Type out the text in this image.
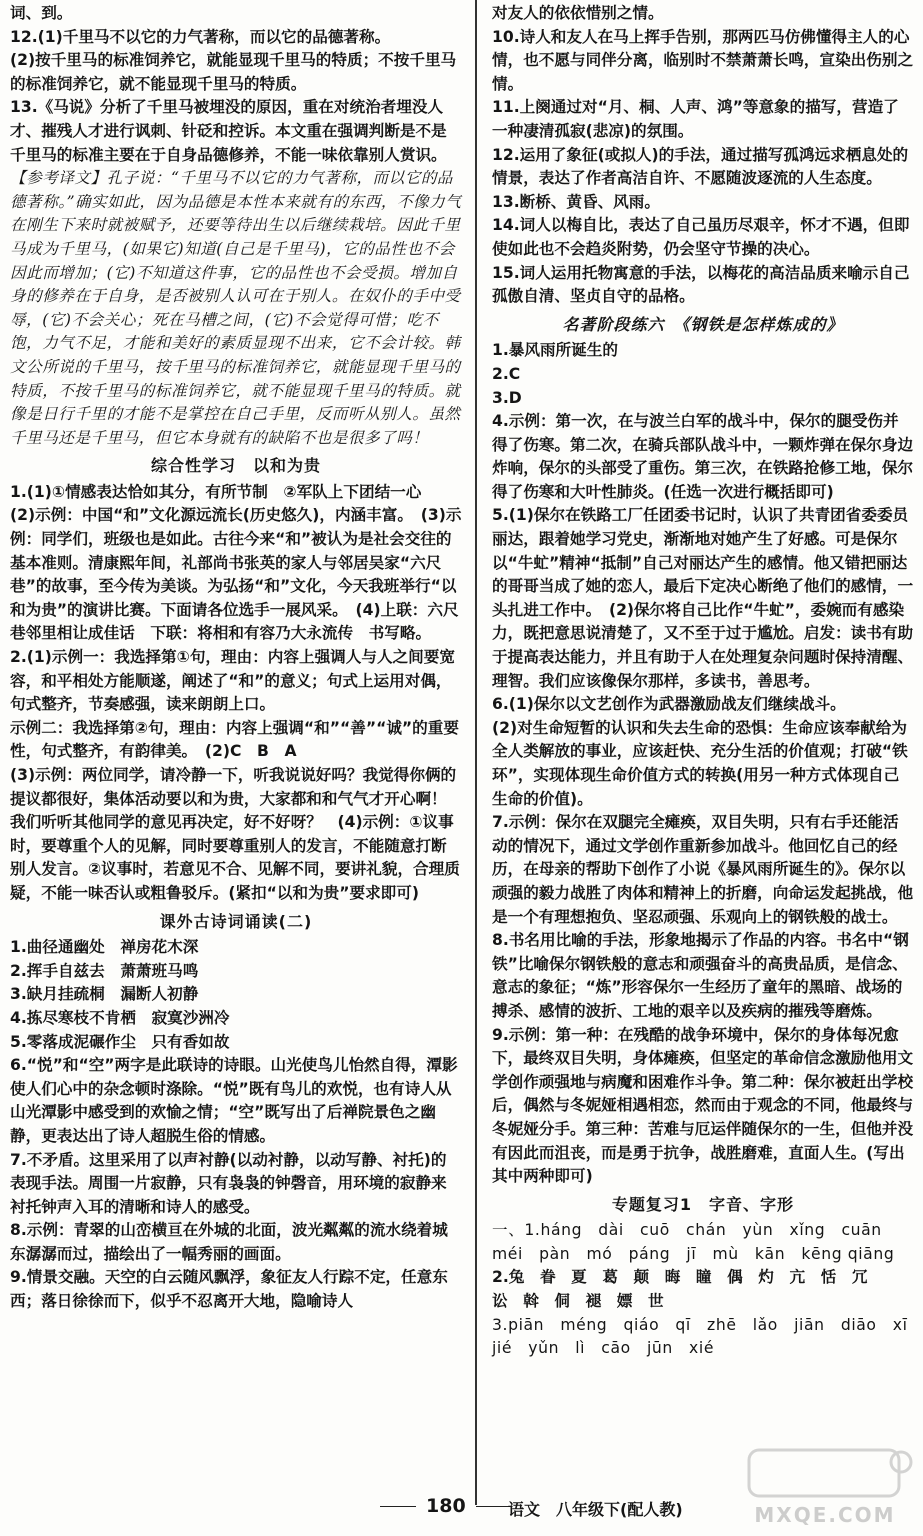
词、到。
12.(1)千里马不以它的力气著称，而以它的品德著称。
(2)按千里马的标准饲养它，就能显现千里马的特质；不按千里马的标准饲养它，就不能显现千里马的特质。
13.《马说》分析了千里马被埋没的原因，重在对统治者埋没人才、摧残人才进行讽刺、针砭和控诉。本文重在强调判断是不是千里马的标准主要在于自身品德修养，不能一味依靠别人赏识。
【参考译文】孔子说：“千里马不以它的力气著称，而以它的品德著称。”确实如此，因为品德是本性本来就有的东西，不像力气在刚生下来时就被赋予，还要等待出生以后继续栽培。因此千里马成为千里马，(如果它)知道(自己是千里马)，它的品性也不会因此而增加；(它)不知道这件事，它的品性也不会受损。增加自身的修养在于自身，是否被别人认可在于别人。在奴仆的手中受辱，(它)不会关心；死在马槽之间，(它)不会觉得可惜；吃不饱，力气不足，才能和美好的素质显现不出来，它不会计较。韩文公所说的千里马，按千里马的标准饲养它，就能显现千里马的特质，不按千里马的标准饲养它，就不能显现千里马的特质。就像是日行千里的才能不是掌控在自己手里，反而听从别人。虽然千里马还是千里马，但它本身就有的缺陷不也是很多了吗！
综合性学习　以和为贵
1.(1)①情感表达恰如其分，有所节制　②军队上下团结一心　(2)示例：中国“和”文化源远流长(历史悠久)，内涵丰富。　(3)示例：同学们，班级也是如此。古往今来“和”被认为是社会交往的基本准则。清康熙年间，礼部尚书张英的家人与邻居吴家“六尺巷”的故事，至今传为美谈。为弘扬“和”文化，今天我班举行“以和为贵”的演讲比赛。下面请各位选手一展风采。　(4)上联：六尺巷邻里相让成佳话　下联：将相和有容乃大永流传　书写略。
2.(1)示例一：我选择第①句，理由：内容上强调人与人之间要宽容，和平相处方能顺遂，阐述了“和”的意义；句式上运用对偶，句式整齐，节奏感强，读来朗朗上口。
示例二：我选择第②句，理由：内容上强调“和”“善”“诚”的重要性，句式整齐，有韵律美。　(2)C　B　A
(3)示例：两位同学，请冷静一下，听我说说好吗？我觉得你俩的提议都很好，集体活动要以和为贵，大家都和和气气才开心啊！我们听听其他同学的意见再决定，好不好呀？　(4)示例：①议事时，要尊重个人的见解，同时要尊重别人的发言，不能随意打断别人发言。②议事时，若意见不合、见解不同，要讲礼貌，合理质疑，不能一味否认或粗鲁驳斥。(紧扣“以和为贵”要求即可)
课外古诗词诵读(二)
1.曲径通幽处　禅房花木深
2.挥手自兹去　萧萧班马鸣
3.缺月挂疏桐　漏断人初静
4.拣尽寒枝不肯栖　寂寞沙洲冷
5.零落成泥碾作尘　只有香如故
6.“悦”和“空”两字是此联诗的诗眼。山光使鸟儿怡然自得，潭影使人们心中的杂念顿时涤除。“悦”既有鸟儿的欢悦，也有诗人从山光潭影中感受到的欢愉之情；“空”既写出了后禅院景色之幽静，更表达出了诗人超脱生俗的情感。
7.不矛盾。这里采用了以声衬静(以动衬静，以动写静、衬托)的表现手法。周围一片寂静，只有袅袅的钟磬音，用环境的寂静来衬托钟声入耳的清晰和诗人的感受。
8.示例：青翠的山峦横亘在外城的北面，波光粼粼的流水绕着城东潺潺而过，描绘出了一幅秀丽的画面。
9.情景交融。天空的白云随风飘浮，象征友人行踪不定，任意东西；落日徐徐而下，似乎不忍离开大地，隐喻诗人
对友人的依依惜别之情。
10.诗人和友人在马上挥手告别，那两匹马仿佛懂得主人的心情，也不愿与同伴分离，临别时不禁萧萧长鸣，宣染出伤别之情。
11.上阕通过对“月、桐、人声、鸿”等意象的描写，营造了一种凄清孤寂(悲凉)的氛围。
12.运用了象征(或拟人)的手法，通过描写孤鸿远求栖息处的情景，表达了作者高洁自许、不愿随波逐流的人生态度。
13.断桥、黄昏、风雨。
14.词人以梅自比，表达了自己虽历尽艰辛，怀才不遇，但即使如此也不会趋炎附势，仍会坚守节操的决心。
15.词人运用托物寓意的手法，以梅花的高洁品质来喻示自己孤傲自清、坚贞自守的品格。
名著阶段练六　《钢铁是怎样炼成的》
1.暴风雨所诞生的
2.C
3.D
4.示例：第一次，在与波兰白军的战斗中，保尔的腿受伤并得了伤寒。第二次，在骑兵部队战斗中，一颗炸弹在保尔身边炸响，保尔的头部受了重伤。第三次，在铁路抢修工地，保尔得了伤寒和大叶性肺炎。(任选一次进行概括即可)
5.(1)保尔在铁路工厂任团委书记时，认识了共青团省委委员丽达，跟着她学习党史，渐渐地对她产生了好感。可是保尔以“牛虻”精神“抵制”自己对丽达产生的感情。他又错把丽达的哥哥当成了她的恋人，最后下定决心断绝了他们的感情，一头扎进工作中。　(2)保尔将自己比作“牛虻”，委婉而有感染力，既把意思说清楚了，又不至于过于尴尬。启发：读书有助于提高表达能力，并且有助于人在处理复杂问题时保持清醒、理智。我们应该像保尔那样，多读书，善思考。
6.(1)保尔以文艺创作为武器激励战友们继续战斗。
(2)对生命短暂的认识和失去生命的恐惧：生命应该奉献给为全人类解放的事业，应该赶快、充分生活的价值观；打破“铁环”，实现体现生命价值方式的转换(用另一种方式体现自己生命的价值)。
7.示例：保尔在双腿完全瘫痪，双目失明，只有右手还能活动的情况下，通过文学创作重新参加战斗。他回忆自己的经历，在母亲的帮助下创作了小说《暴风雨所诞生的》。保尔以顽强的毅力战胜了肉体和精神上的折磨，向命运发起挑战，他是一个有理想抱负、坚忍顽强、乐观向上的钢铁般的战士。
8.书名用比喻的手法，形象地揭示了作品的内容。书名中“钢铁”比喻保尔钢铁般的意志和顽强奋斗的高贵品质，是信念、意志的象征；“炼”形容保尔一生经历了童年的黑暗、战场的搏杀、感情的波折、工地的艰辛以及疾病的摧残等磨炼。
9.示例：第一种：在残酷的战争环境中，保尔的身体每况愈下，最终双目失明，身体瘫痪，但坚定的革命信念激励他用文学创作顽强地与病魔和困难作斗争。第二种：保尔被赶出学校后，偶然与冬妮娅相遇相恋，然而由于观念的不同，他最终与冬妮娅分手。第三种：苦难与厄运伴随保尔的一生，但他并没有因此而沮丧，而是勇于抗争，战胜磨难，直面人生。(写出其中两种即可)
专题复习1　字音、字形
一、1.háng　dài　cuō　chán　yùn　xǐng　cuān
méi　pàn　mó　páng　jī　mù　kān　kēng qiāng
2.兔　眷　夏　葛　颠　晦　瞳　偶　灼　亢　恬　冗
讼　斡　侗　褪　嫖　世
3.piān　méng　qiáo　qī　zhē　lǎo　jiān　diāo　xī
jié　yǔn　lì　cāo　jūn　xié
180	语文　八年级下(配人教)	MXQE.COM
